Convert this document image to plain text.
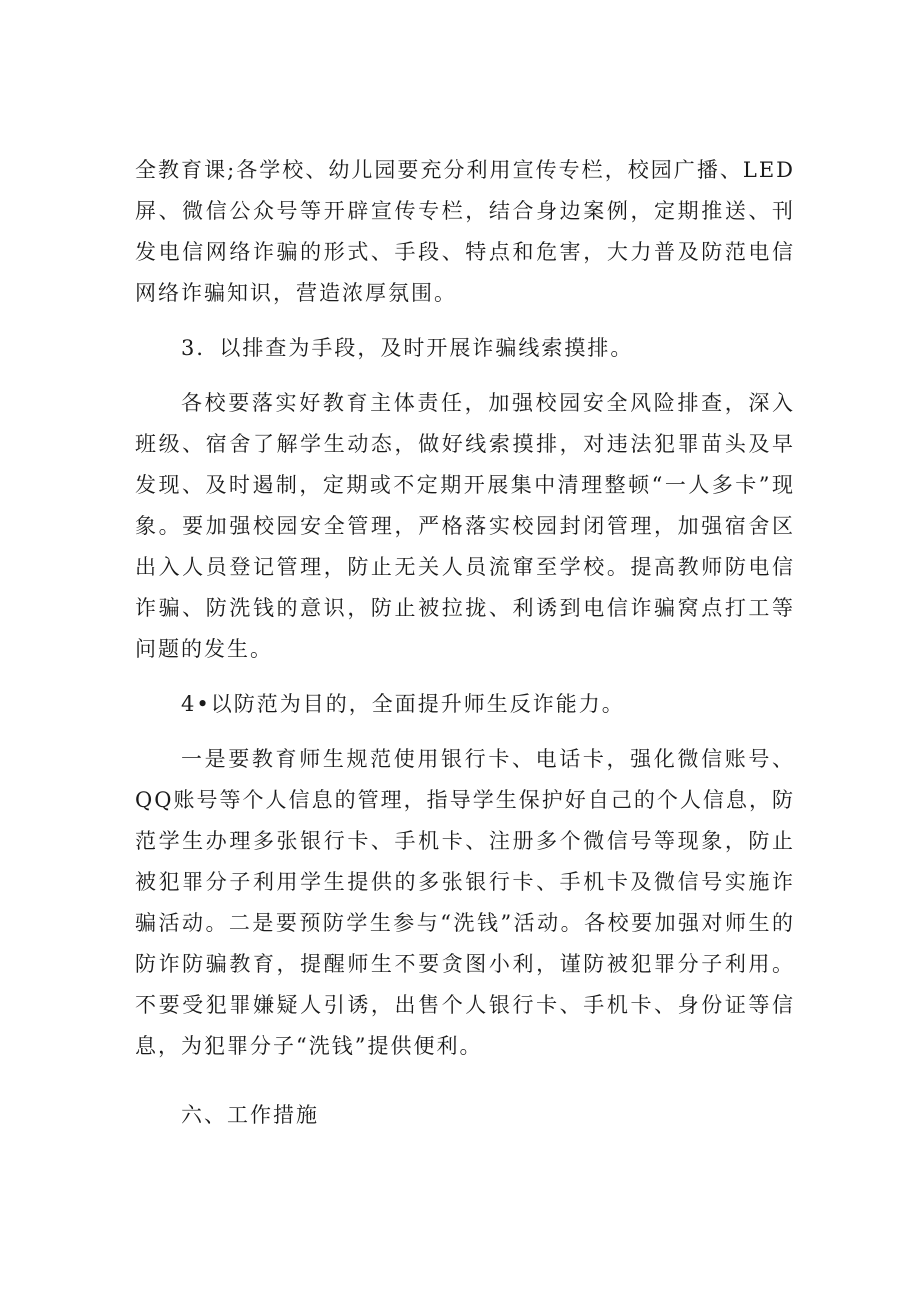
全教育课;各学校、幼儿园要充分利用宣传专栏，校园广播、LED屏、微信公众号等开辟宣传专栏，结合身边案例，定期推送、刊发电信网络诈骗的形式、手段、特点和危害，大力普及防范电信网络诈骗知识，营造浓厚氛围。

3．以排查为手段，及时开展诈骗线索摸排。

各校要落实好教育主体责任，加强校园安全风险排查，深入班级、宿舍了解学生动态，做好线索摸排，对违法犯罪苗头及早发现、及时遏制，定期或不定期开展集中清理整顿“一人多卡”现象。要加强校园安全管理，严格落实校园封闭管理，加强宿舍区出入人员登记管理，防止无关人员流窜至学校。提高教师防电信诈骗、防洗钱的意识，防止被拉拢、利诱到电信诈骗窝点打工等问题的发生。

4•以防范为目的，全面提升师生反诈能力。

一是要教育师生规范使用银行卡、电话卡，强化微信账号、QQ账号等个人信息的管理，指导学生保护好自己的个人信息，防范学生办理多张银行卡、手机卡、注册多个微信号等现象，防止被犯罪分子利用学生提供的多张银行卡、手机卡及微信号实施诈骗活动。二是要预防学生参与“洗钱”活动。各校要加强对师生的防诈防骗教育，提醒师生不要贪图小利，谨防被犯罪分子利用。不要受犯罪嫌疑人引诱，出售个人银行卡、手机卡、身份证等信息，为犯罪分子“洗钱”提供便利。

六、工作措施
